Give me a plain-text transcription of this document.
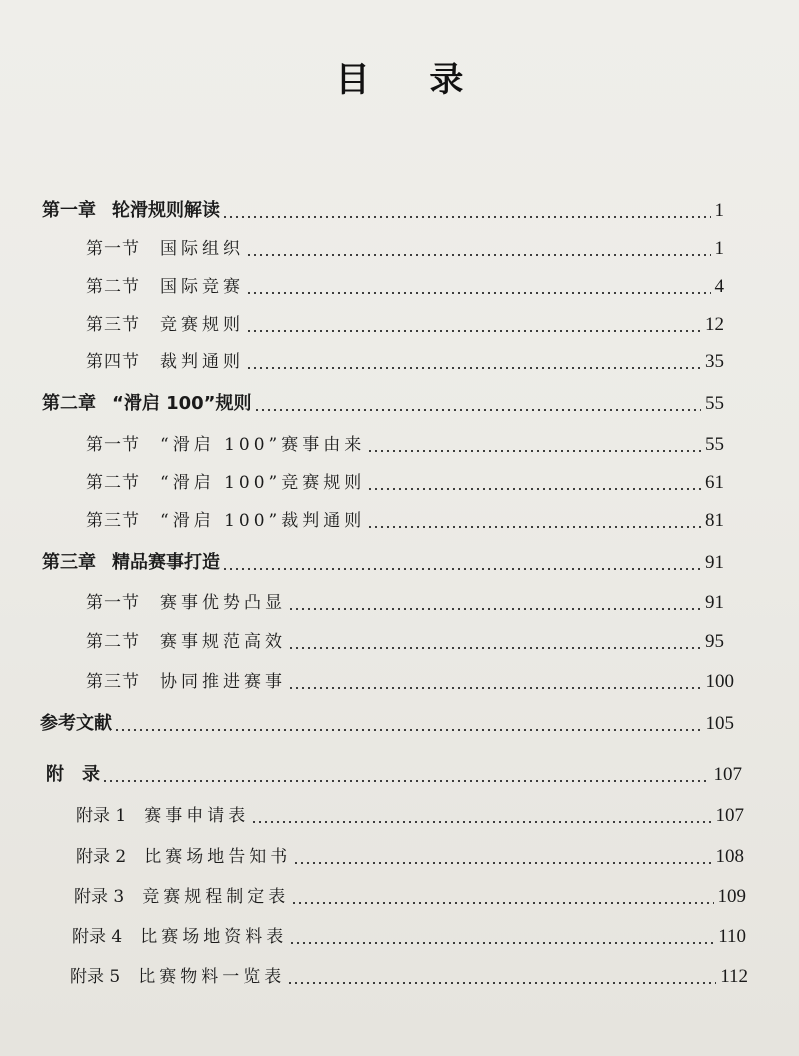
目 录
第一章 轮滑规则解读	1
第一节 国际组织	1
第二节 国际竞赛	4
第三节 竞赛规则	12
第四节 裁判通则	35
第二章 “滑启 100”规则	55
第一节 “滑启 100”赛事由来	55
第二节 “滑启 100”竞赛规则	61
第三节 “滑启 100”裁判通则	81
第三章 精品赛事打造	91
第一节 赛事优势凸显	91
第二节 赛事规范高效	95
第三节 协同推进赛事	100
参考文献	105
附　录	107
附录 1 赛事申请表	107
附录 2 比赛场地告知书	108
附录 3 竞赛规程制定表	109
附录 4 比赛场地资料表	110
附录 5 比赛物料一览表	112
